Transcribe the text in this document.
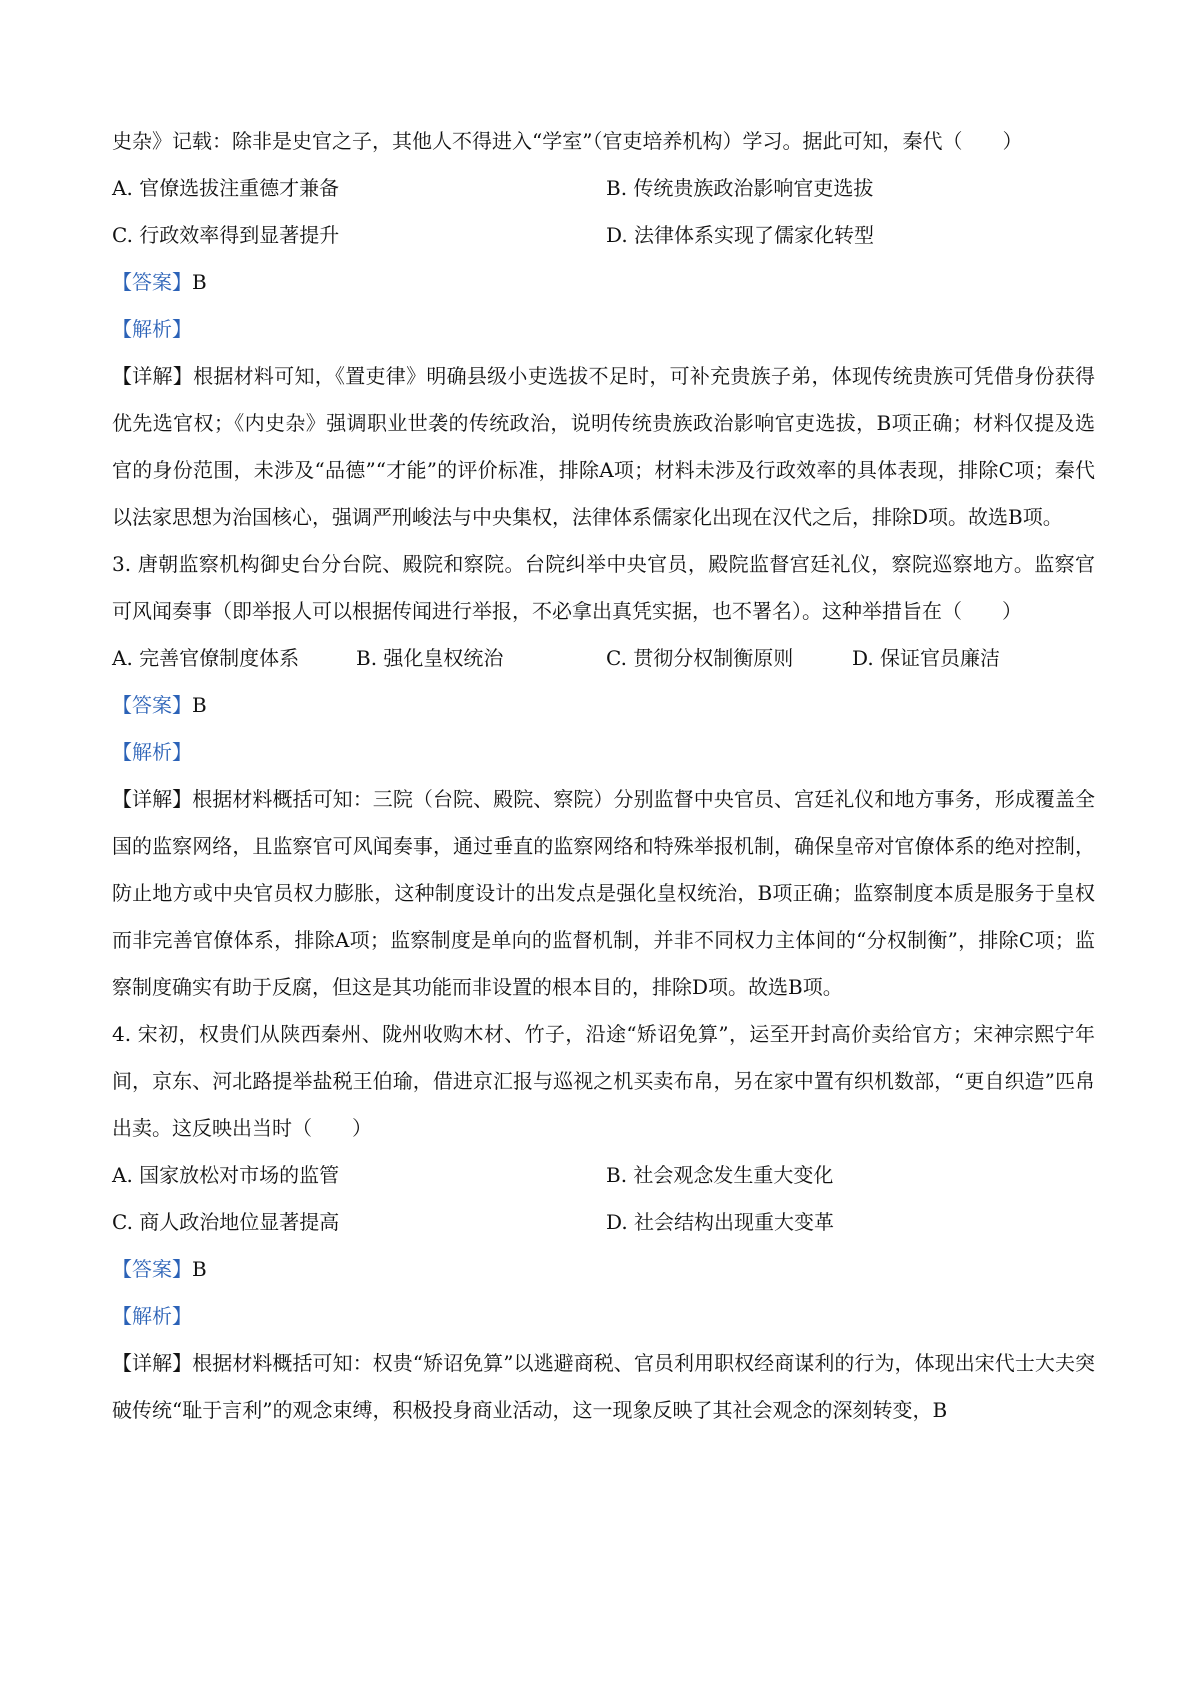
史杂》记载：除非是史官之子，其他人不得进入“学室”（官吏培养机构）学习。据此可知，秦代（　　）
A. 官僚选拔注重德才兼备	B. 传统贵族政治影响官吏选拔
C. 行政效率得到显著提升	D. 法律体系实现了儒家化转型
【答案】B
【解析】
【详解】根据材料可知，《置吏律》明确县级小吏选拔不足时，可补充贵族子弟，体现传统贵族可凭借身份获得优先选官权；《内史杂》强调职业世袭的传统政治，说明传统贵族政治影响官吏选拔，B项正确；材料仅提及选官的身份范围，未涉及“品德”“才能”的评价标准，排除A项；材料未涉及行政效率的具体表现，排除C项；秦代以法家思想为治国核心，强调严刑峻法与中央集权，法律体系儒家化出现在汉代之后，排除D项。故选B项。
3. 唐朝监察机构御史台分台院、殿院和察院。台院纠举中央官员，殿院监督宫廷礼仪，察院巡察地方。监察官可风闻奏事（即举报人可以根据传闻进行举报，不必拿出真凭实据，也不署名）。这种举措旨在（　　）
A. 完善官僚制度体系	B. 强化皇权统治	C. 贯彻分权制衡原则	D. 保证官员廉洁
【答案】B
【解析】
【详解】根据材料概括可知：三院（台院、殿院、察院）分别监督中央官员、宫廷礼仪和地方事务，形成覆盖全国的监察网络，且监察官可风闻奏事，通过垂直的监察网络和特殊举报机制，确保皇帝对官僚体系的绝对控制，防止地方或中央官员权力膨胀，这种制度设计的出发点是强化皇权统治，B项正确；监察制度本质是服务于皇权而非完善官僚体系，排除A项；监察制度是单向的监督机制，并非不同权力主体间的“分权制衡”，排除C项；监察制度确实有助于反腐，但这是其功能而非设置的根本目的，排除D项。故选B项。
4. 宋初，权贵们从陕西秦州、陇州收购木材、竹子，沿途“矫诏免算”，运至开封高价卖给官方；宋神宗熙宁年间，京东、河北路提举盐税王伯瑜，借进京汇报与巡视之机买卖布帛，另在家中置有织机数部，“更自织造”匹帛出卖。这反映出当时（　　）
A. 国家放松对市场的监管	B. 社会观念发生重大变化
C. 商人政治地位显著提高	D. 社会结构出现重大变革
【答案】B
【解析】
【详解】根据材料概括可知：权贵“矫诏免算”以逃避商税、官员利用职权经商谋利的行为，体现出宋代士大夫突破传统“耻于言利”的观念束缚，积极投身商业活动，这一现象反映了其社会观念的深刻转变，B
